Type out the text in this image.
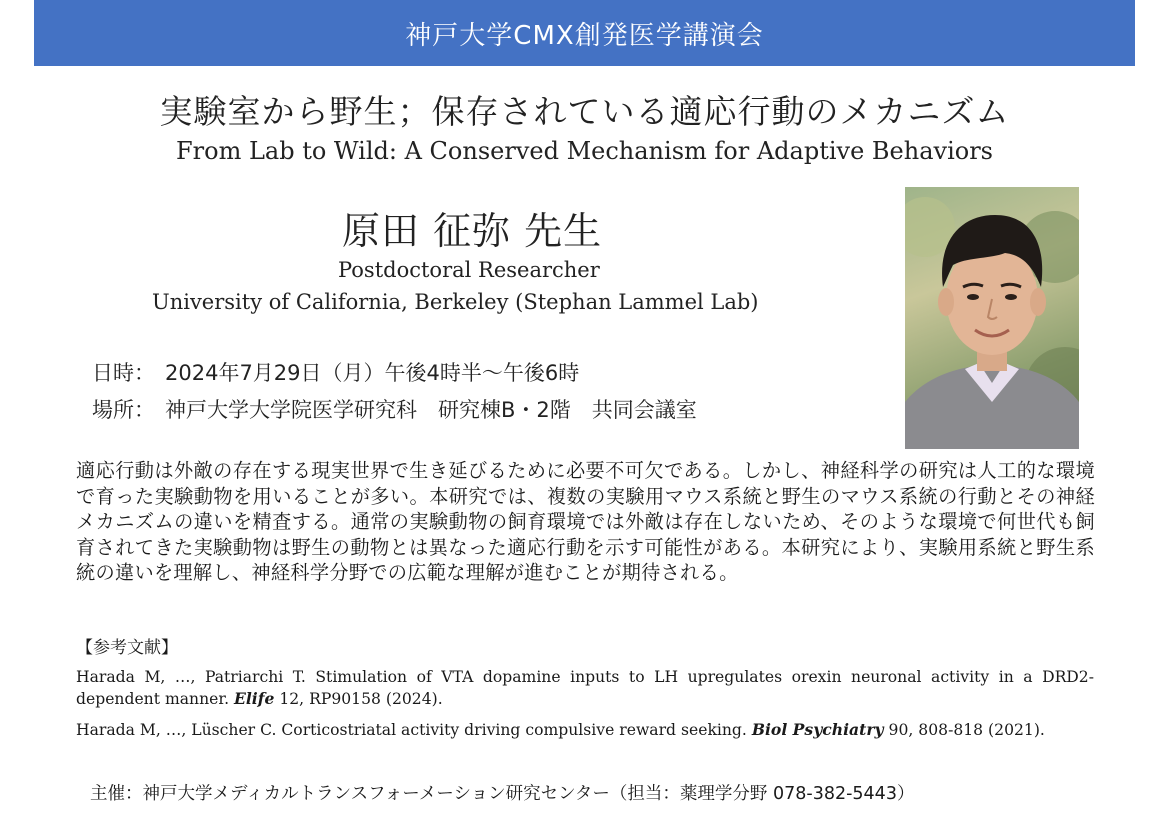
神戸大学CMX創発医学講演会
実験室から野生；保存されている適応行動のメカニズム
From Lab to Wild: A Conserved Mechanism for Adaptive Behaviors
原田 征弥 先生
Postdoctoral Researcher
University of California, Berkeley (Stephan Lammel Lab)
日時： 2024年7月29日（月）午後4時半～午後6時
場所： 神戸大学大学院医学研究科　研究棟B・2階　共同会議室
適応行動は外敵の存在する現実世界で生き延びるために必要不可欠である。しかし、神経科学の研究は人工的な環境で育った実験動物を用いることが多い。本研究では、複数の実験用マウス系統と野生のマウス系統の行動とその神経メカニズムの違いを精査する。通常の実験動物の飼育環境では外敵は存在しないため、そのような環境で何世代も飼育されてきた実験動物は野生の動物とは異なった適応行動を示す可能性がある。本研究により、実験用系統と野生系統の違いを理解し、神経科学分野での広範な理解が進むことが期待される。
【参考文献】
Harada M, …, Patriarchi T. Stimulation of VTA dopamine inputs to LH upregulates orexin neuronal activity in a DRD2-dependent manner. Elife 12, RP90158 (2024).
Harada M, …, Lüscher C. Corticostriatal activity driving compulsive reward seeking. Biol Psychiatry 90, 808-818 (2021).
主催：神戸大学メディカルトランスフォーメーション研究センター（担当：薬理学分野 078-382-5443）
